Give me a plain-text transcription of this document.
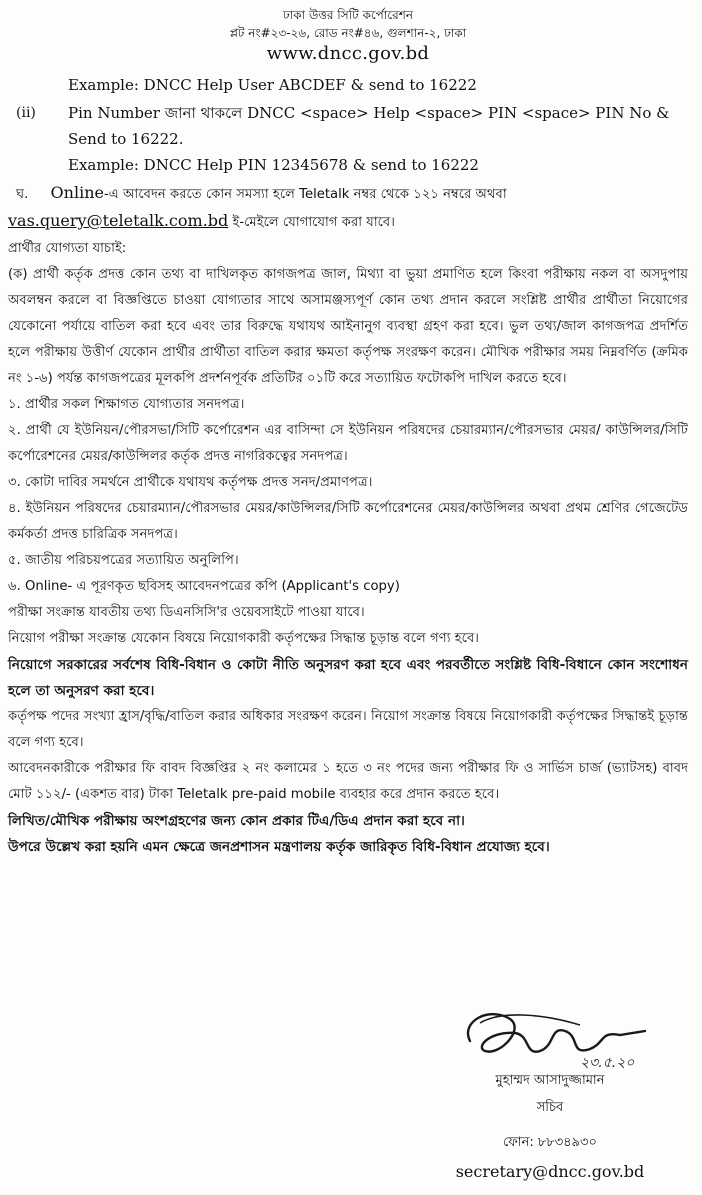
ঢাকা উত্তর সিটি কর্পোরেশন
প্লট নং#২৩-২৬, রোড নং#৪৬, গুলশান-২, ঢাকা
www.dncc.gov.bd
Example: DNCC Help User ABCDEF & send to 16222
(ii)	Pin Number জানা থাকলে DNCC <space> Help <space> PIN <space> PIN No & Send to 16222.
Example: DNCC Help PIN 12345678 & send to 16222
ঘ. Online-এ আবেদন করতে কোন সমস্যা হলে Teletalk নম্বর থেকে ১২১ নম্বরে অথবা
vas.query@teletalk.com.bd ই-মেইলে যোগাযোগ করা যাবে।
প্রার্থীর যোগ্যতা যাচাই:
(ক) প্রার্থী কর্তৃক প্রদত্ত কোন তথ্য বা দাখিলকৃত কাগজপত্র জাল, মিথ্যা বা ভুয়া প্রমাণিত হলে কিংবা পরীক্ষায় নকল বা অসদুপায় অবলম্বন করলে বা বিজ্ঞপ্তিতে চাওয়া যোগ্যতার সাথে অসামঞ্জস্যপূর্ণ কোন তথ্য প্রদান করলে সংশ্লিষ্ট প্রার্থীর প্রার্থীতা নিয়োগের যেকোনো পর্যায়ে বাতিল করা হবে এবং তার বিরুদ্ধে যথাযথ আইনানুগ ব্যবস্থা গ্রহণ করা হবে। ভুল তথ্য/জাল কাগজপত্র প্রদর্শিত হলে পরীক্ষায় উত্তীর্ণ যেকোন প্রার্থীর প্রার্থীতা বাতিল করার ক্ষমতা কর্তৃপক্ষ সংরক্ষণ করেন। মৌখিক পরীক্ষার সময় নিম্নবর্ণিত (ক্রমিক নং ১-৬) পর্যন্ত কাগজপত্রের মূলকপি প্রদর্শনপূর্বক প্রতিটির ০১টি করে সত্যায়িত ফটোকপি দাখিল করতে হবে।
১. প্রার্থীর সকল শিক্ষাগত যোগ্যতার সনদপত্র।
২. প্রার্থী যে ইউনিয়ন/পৌরসভা/সিটি কর্পোরেশন এর বাসিন্দা সে ইউনিয়ন পরিষদের চেয়ারম্যান/পৌরসভার মেয়র/ কাউন্সিলর/সিটি কর্পোরেশনের মেয়র/কাউন্সিলর কর্তৃক প্রদত্ত নাগরিকত্বের সনদপত্র।
৩. কোটা দাবির সমর্থনে প্রার্থীকে যথাযথ কর্তৃপক্ষ প্রদত্ত সনদ/প্রমাণপত্র।
৪. ইউনিয়ন পরিষদের চেয়ারম্যান/পৌরসভার মেয়র/কাউন্সিলর/সিটি কর্পোরেশনের মেয়র/কাউন্সিলর অথবা প্রথম শ্রেণির গেজেটেড কর্মকর্তা প্রদত্ত চারিত্রিক সনদপত্র।
৫. জাতীয় পরিচয়পত্রের সত্যায়িত অনুলিপি।
৬. Online- এ পূরণকৃত ছবিসহ আবেদনপত্রের কপি (Applicant's copy)
পরীক্ষা সংক্রান্ত যাবতীয় তথ্য ডিএনসিসি'র ওয়েবসাইটে পাওয়া যাবে।
নিয়োগ পরীক্ষা সংক্রান্ত যেকোন বিষয়ে নিয়োগকারী কর্তৃপক্ষের সিদ্ধান্ত চূড়ান্ত বলে গণ্য হবে।
নিয়োগে সরকারের সর্বশেষ বিধি-বিধান ও কোটা নীতি অনুসরণ করা হবে এবং পরবর্তীতে সংশ্লিষ্ট বিধি-বিধানে কোন সংশোধন হলে তা অনুসরণ করা হবে।
কর্তৃপক্ষ পদের সংখ্যা হ্রাস/বৃদ্ধি/বাতিল করার অধিকার সংরক্ষণ করেন। নিয়োগ সংক্রান্ত বিষয়ে নিয়োগকারী কর্তৃপক্ষের সিদ্ধান্তই চূড়ান্ত বলে গণ্য হবে।
আবেদনকারীকে পরীক্ষার ফি বাবদ বিজ্ঞপ্তির ২ নং কলামের ১ হতে ৩ নং পদের জন্য পরীক্ষার ফি ও সার্ভিস চার্জ (ভ্যাটসহ) বাবদ মোট ১১২/- (একশত বার) টাকা Teletalk pre-paid mobile ব্যবহার করে প্রদান করতে হবে।
লিখিত/মৌখিক পরীক্ষায় অংশগ্রহণের জন্য কোন প্রকার টিএ/ডিএ প্রদান করা হবে না।
উপরে উল্লেখ করা হয়নি এমন ক্ষেত্রে জনপ্রশাসন মন্ত্রণালয় কর্তৃক জারিকৃত বিধি-বিধান প্রযোজ্য হবে।
২৩.৫.২০
মুহাম্মদ আসাদুজ্জামান
সচিব
ফোন: ৮৮৩৪৯৩০
secretary@dncc.gov.bd
